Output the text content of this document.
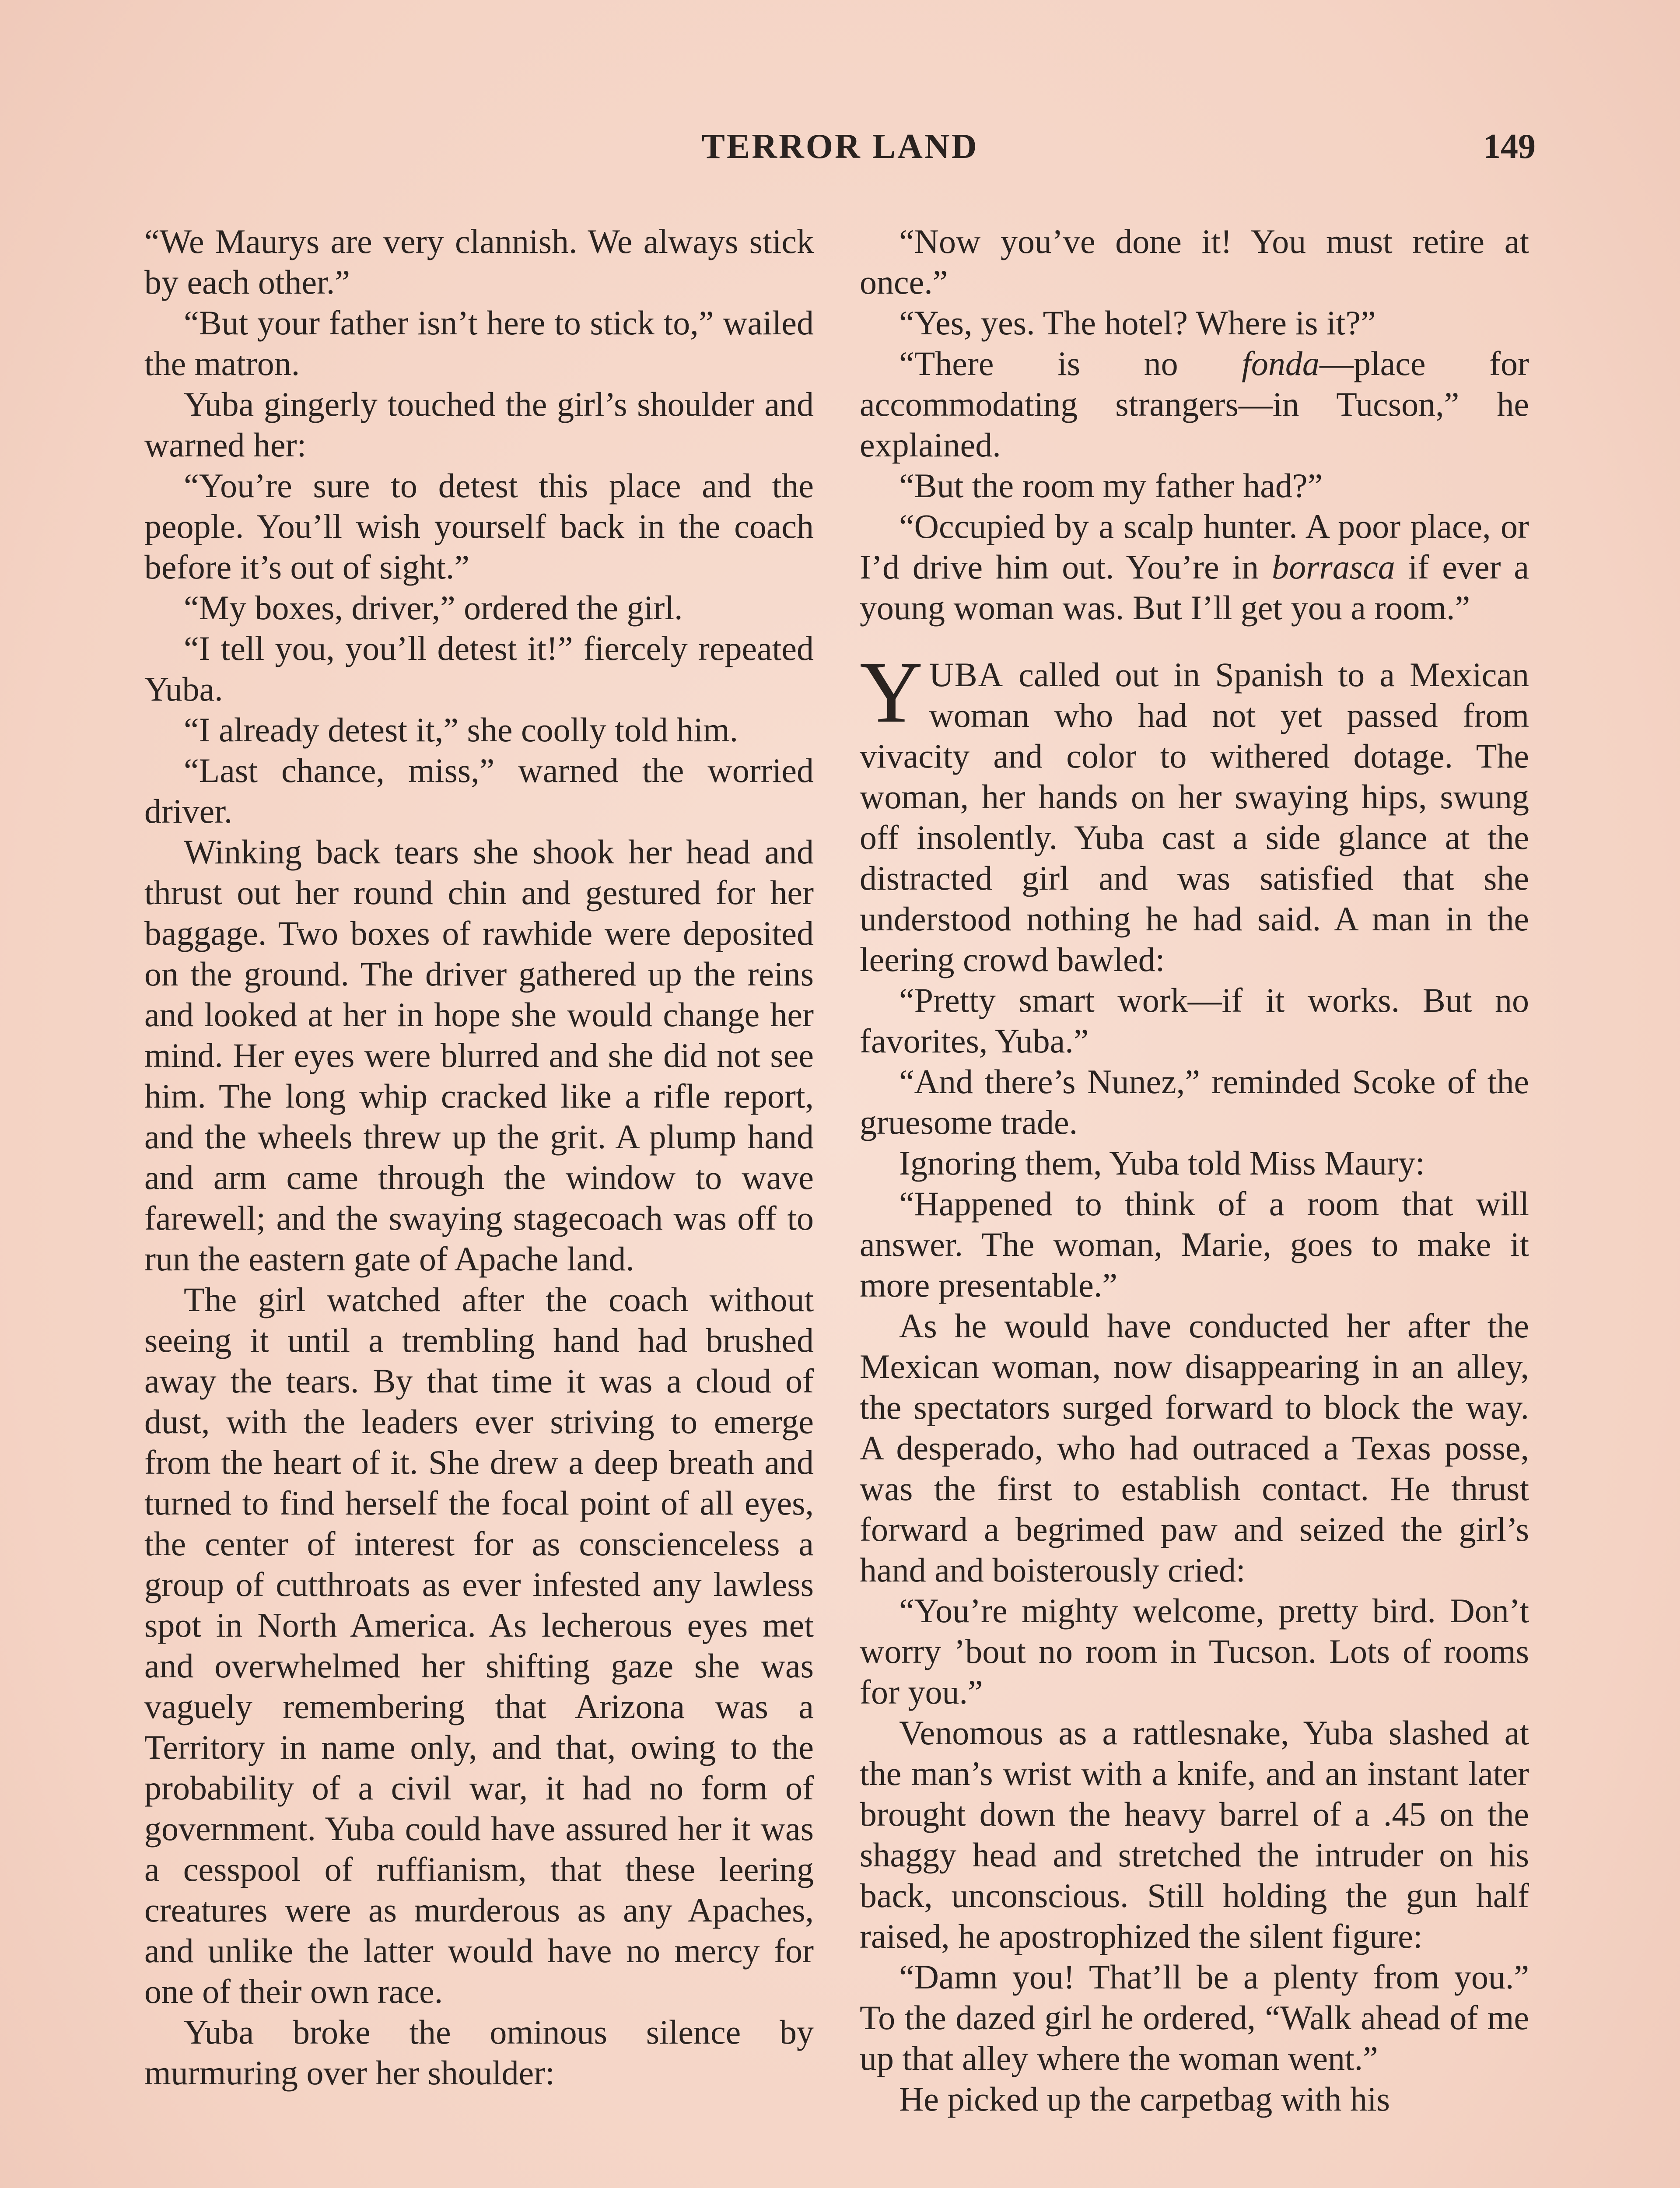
TERROR LAND	149

“We Maurys are very clannish. We always stick by each other.”

“But your father isn’t here to stick to,” wailed the matron.

Yuba gingerly touched the girl’s shoulder and warned her:

“You’re sure to detest this place and the people. You’ll wish yourself back in the coach before it’s out of sight.”

“My boxes, driver,” ordered the girl.

“I tell you, you’ll detest it!” fiercely repeated Yuba.

“I already detest it,” she coolly told him.

“Last chance, miss,” warned the worried driver.

Winking back tears she shook her head and thrust out her round chin and gestured for her baggage. Two boxes of rawhide were deposited on the ground. The driver gathered up the reins and looked at her in hope she would change her mind. Her eyes were blurred and she did not see him. The long whip cracked like a rifle report, and the wheels threw up the grit. A plump hand and arm came through the window to wave farewell; and the swaying stagecoach was off to run the eastern gate of Apache land.

The girl watched after the coach without seeing it until a trembling hand had brushed away the tears. By that time it was a cloud of dust, with the leaders ever striving to emerge from the heart of it. She drew a deep breath and turned to find herself the focal point of all eyes, the center of interest for as conscienceless a group of cutthroats as ever infested any lawless spot in North America. As lecherous eyes met and overwhelmed her shifting gaze she was vaguely remembering that Arizona was a Territory in name only, and that, owing to the probability of a civil war, it had no form of government. Yuba could have assured her it was a cesspool of ruffianism, that these leering creatures were as murderous as any Apaches, and unlike the latter would have no mercy for one of their own race.

Yuba broke the ominous silence by murmuring over her shoulder:

“Now you’ve done it! You must retire at once.”

“Yes, yes. The hotel? Where is it?”

“There is no fonda—place for accommodating strangers—in Tucson,” he explained.

“But the room my father had?”

“Occupied by a scalp hunter. A poor place, or I’d drive him out. You’re in borrasca if ever a young woman was. But I’ll get you a room.”

YUBA called out in Spanish to a Mexican woman who had not yet passed from vivacity and color to withered dotage. The woman, her hands on her swaying hips, swung off insolently. Yuba cast a side glance at the distracted girl and was satisfied that she understood nothing he had said. A man in the leering crowd bawled:

“Pretty smart work—if it works. But no favorites, Yuba.”

“And there’s Nunez,” reminded Scoke of the gruesome trade.

Ignoring them, Yuba told Miss Maury:

“Happened to think of a room that will answer. The woman, Marie, goes to make it more presentable.”

As he would have conducted her after the Mexican woman, now disappearing in an alley, the spectators surged forward to block the way. A desperado, who had outraced a Texas posse, was the first to establish contact. He thrust forward a begrimed paw and seized the girl’s hand and boisterously cried:

“You’re mighty welcome, pretty bird. Don’t worry ’bout no room in Tucson. Lots of rooms for you.”

Venomous as a rattlesnake, Yuba slashed at the man’s wrist with a knife, and an instant later brought down the heavy barrel of a .45 on the shaggy head and stretched the intruder on his back, unconscious. Still holding the gun half raised, he apostrophized the silent figure:

“Damn you! That’ll be a plenty from you.” To the dazed girl he ordered, “Walk ahead of me up that alley where the woman went.”

He picked up the carpetbag with his
